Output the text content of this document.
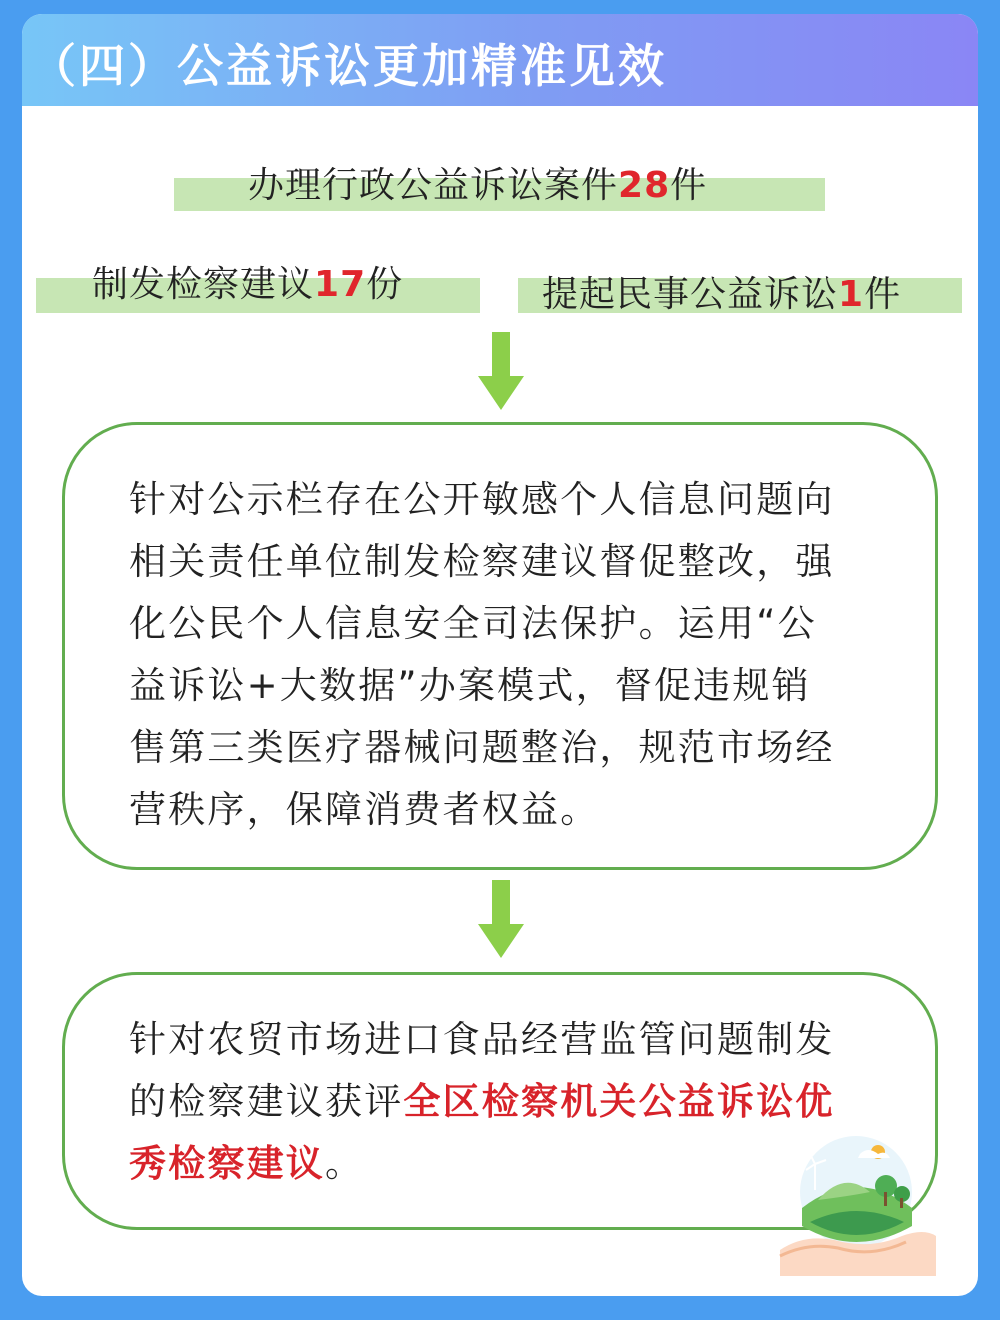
（四）公益诉讼更加精准见效
办理行政公益诉讼案件28件
制发检察建议17份	提起民事公益诉讼1件
针对公示栏存在公开敏感个人信息问题向
相关责任单位制发检察建议督促整改，强
化公民个人信息安全司法保护。运用“公
益诉讼+大数据”办案模式，督促违规销
售第三类医疗器械问题整治，规范市场经
营秩序，保障消费者权益。
针对农贸市场进口食品经营监管问题制发
的检察建议获评全区检察机关公益诉讼优
秀检察建议。
